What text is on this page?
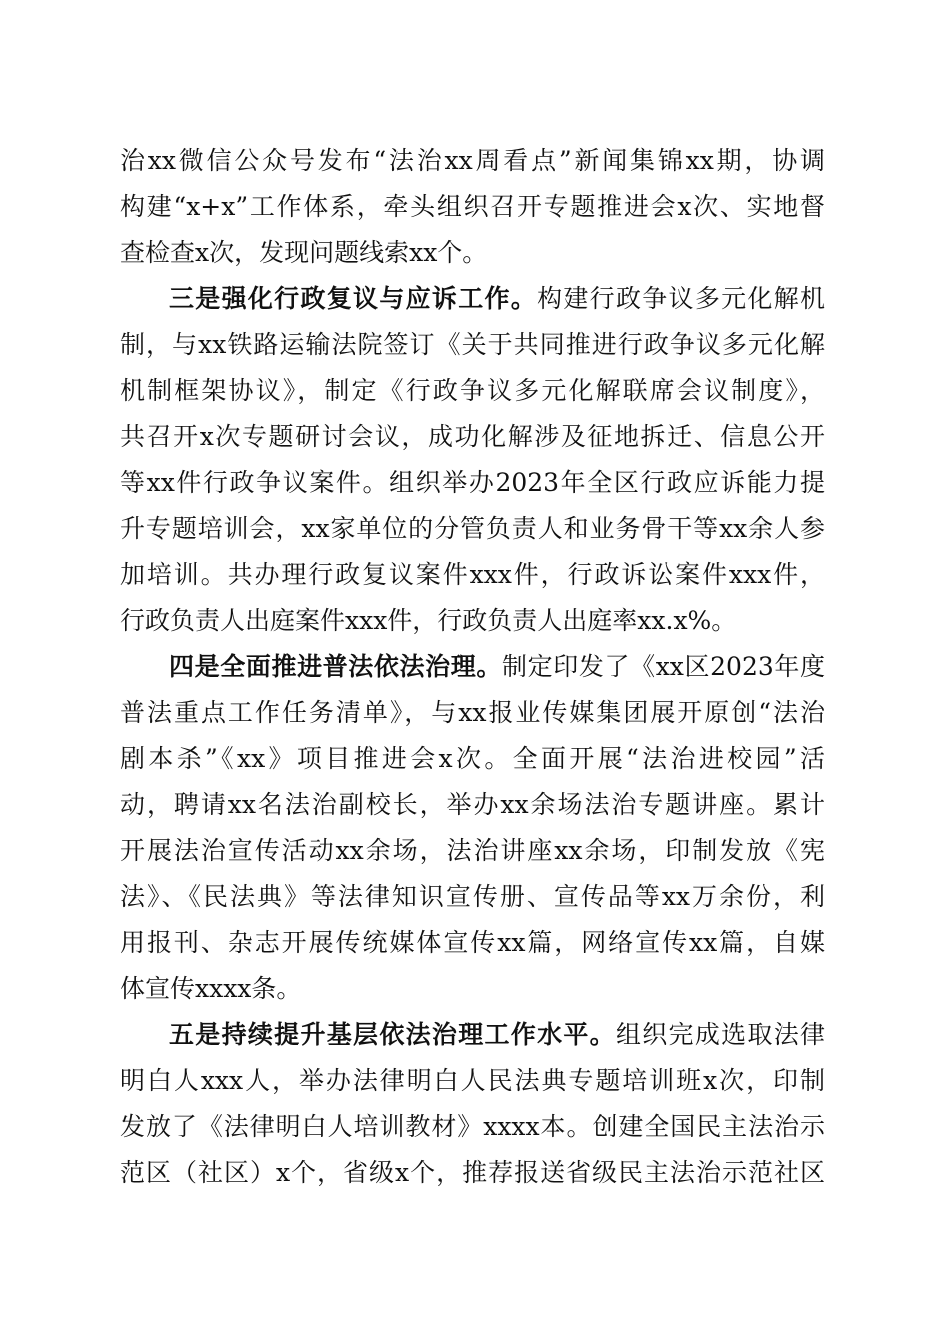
治xx微信公众号发布“法治xx周看点”新闻集锦xx期，协调
构建“x+x”工作体系，牵头组织召开专题推进会x次、实地督
查检查x次，发现问题线索xx个。
三是强化行政复议与应诉工作。构建行政争议多元化解机
制，与xx铁路运输法院签订《关于共同推进行政争议多元化解
机制框架协议》，制定《行政争议多元化解联席会议制度》，
共召开x次专题研讨会议，成功化解涉及征地拆迁、信息公开
等xx件行政争议案件。组织举办2023年全区行政应诉能力提
升专题培训会，xx家单位的分管负责人和业务骨干等xx余人参
加培训。共办理行政复议案件xxx件，行政诉讼案件xxx件，
行政负责人出庭案件xxx件，行政负责人出庭率xx.x%。
四是全面推进普法依法治理。制定印发了《xx区2023年度
普法重点工作任务清单》，与xx报业传媒集团展开原创“法治
剧本杀”《xx》项目推进会x次。全面开展“法治进校园”活
动，聘请xx名法治副校长，举办xx余场法治专题讲座。累计
开展法治宣传活动xx余场，法治讲座xx余场，印制发放《宪
法》、《民法典》等法律知识宣传册、宣传品等xx万余份，利
用报刊、杂志开展传统媒体宣传xx篇，网络宣传xx篇，自媒
体宣传xxxx条。
五是持续提升基层依法治理工作水平。组织完成选取法律
明白人xxx人，举办法律明白人民法典专题培训班x次，印制
发放了《法律明白人培训教材》xxxx本。创建全国民主法治示
范区（社区）x个，省级x个，推荐报送省级民主法治示范社区
